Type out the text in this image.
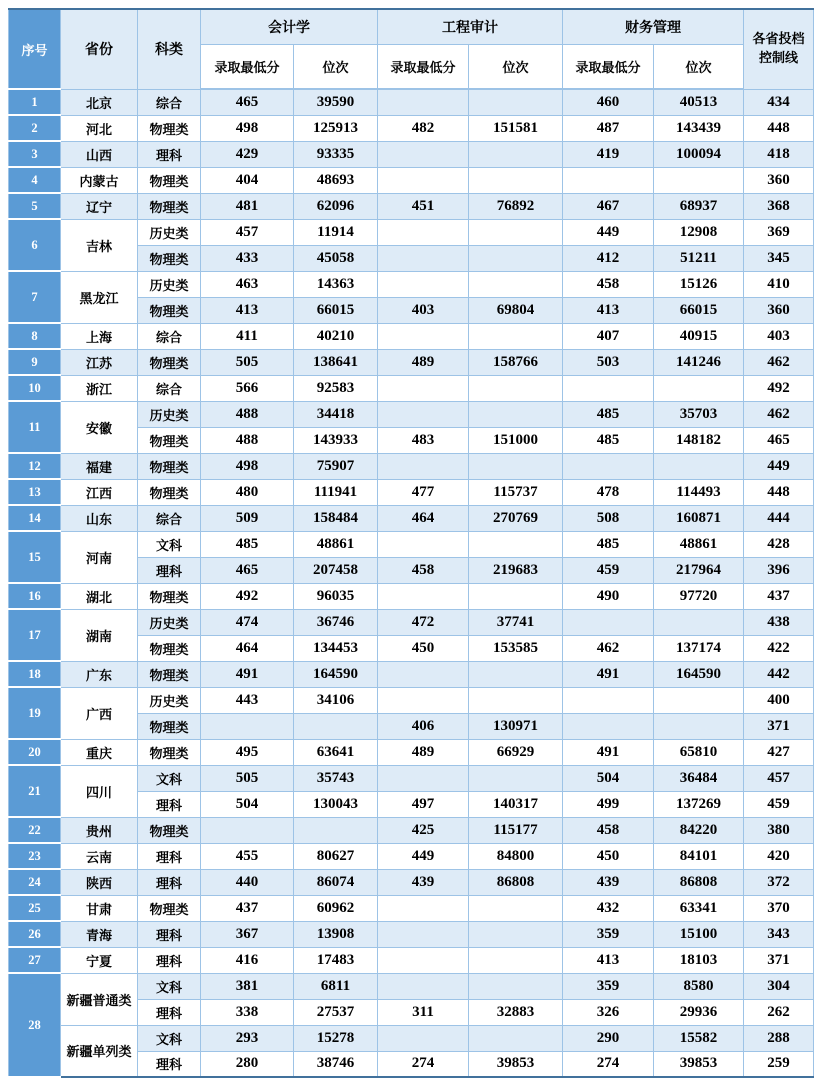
序号	省份	科类	会计学		工程审计		财务管理		各省投档
控制线

			录取最低分	位次	录取最低分	位次	录取最低分	位次	
1	北京	综合	465	39590			460	40513	434
2	河北	物理类	498	125913	482	151581	487	143439	448
3	山西	理科	429	93335			419	100094	418
4	内蒙古	物理类	404	48693					360
5	辽宁	物理类	481	62096	451	76892	467	68937	368
6	吉林	历史类	457	11914			449	12908	369
		物理类	433	45058			412	51211	345
7	黑龙江	历史类	463	14363			458	15126	410
		物理类	413	66015	403	69804	413	66015	360
8	上海	综合	411	40210			407	40915	403
9	江苏	物理类	505	138641	489	158766	503	141246	462
10	浙江	综合	566	92583					492
11	安徽	历史类	488	34418			485	35703	462
		物理类	488	143933	483	151000	485	148182	465
12	福建	物理类	498	75907					449
13	江西	物理类	480	111941	477	115737	478	114493	448
14	山东	综合	509	158484	464	270769	508	160871	444
15	河南	文科	485	48861			485	48861	428
		理科	465	207458	458	219683	459	217964	396
16	湖北	物理类	492	96035			490	97720	437
17	湖南	历史类	474	36746	472	37741			438
		物理类	464	134453	450	153585	462	137174	422
18	广东	物理类	491	164590			491	164590	442
19	广西	历史类	443	34106					400
		物理类			406	130971			371
20	重庆	物理类	495	63641	489	66929	491	65810	427
21	四川	文科	505	35743			504	36484	457
		理科	504	130043	497	140317	499	137269	459
22	贵州	物理类			425	115177	458	84220	380
23	云南	理科	455	80627	449	84800	450	84101	420
24	陕西	理科	440	86074	439	86808	439	86808	372
25	甘肃	物理类	437	60962			432	63341	370
26	青海	理科	367	13908			359	15100	343
27	宁夏	理科	416	17483			413	18103	371
28	新疆普通类	文科	381	6811			359	8580	304
		理科	338	27537	311	32883	326	29936	262
	新疆单列类	文科	293	15278			290	15582	288
		理科	280	38746	274	39853	274	39853	259
